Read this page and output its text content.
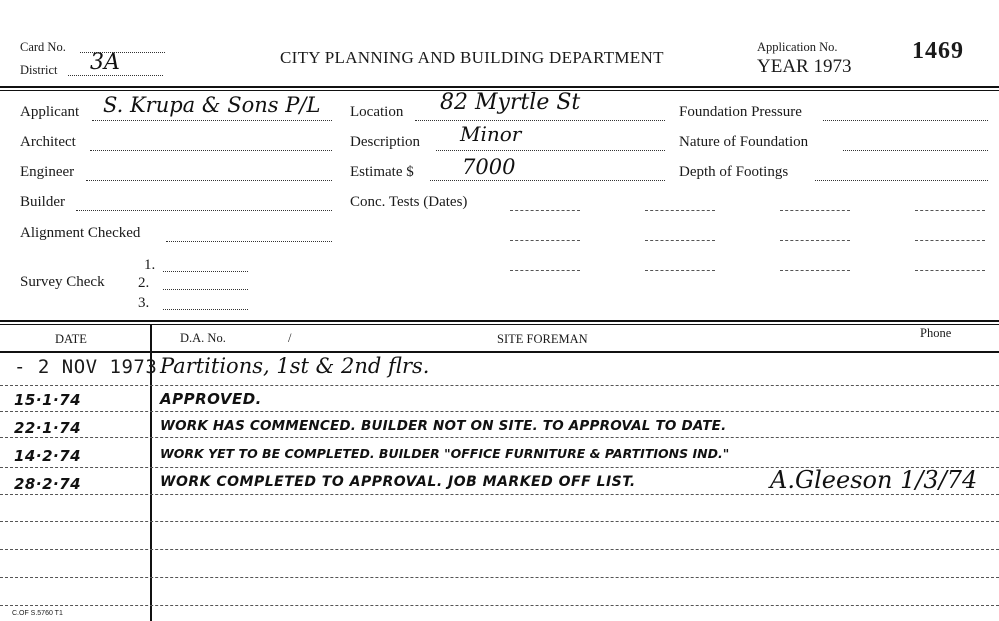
Card No.
District 3A	CITY PLANNING AND BUILDING DEPARTMENT
Application No.
YEAR 1973
1469
Applicant S. Krupa & Sons P/L
Architect
Engineer
Builder
Alignment Checked
Survey Check
1.
2.
3.
Location 82 Myrtle St
Description Minor
Estimate $ 7000
Conc. Tests (Dates)
Foundation Pressure
Nature of Foundation
Depth of Footings
DATE	D.A. No.	/	SITE FOREMAN	Phone
- 2 NOV 1973 Partitions, 1st & 2nd flrs.
15·1·74	APPROVED.
22·1·74	WORK HAS COMMENCED. BUILDER NOT ON SITE. TO APPROVAL TO DATE.
14·2·74	WORK YET TO BE COMPLETED. BUILDER "OFFICE FURNITURE & PARTITIONS IND."
28·2·74	WORK COMPLETED TO APPROVAL. JOB MARKED OFF LIST.	A.Gleeson 1/3/74
C.OF S.5760 T1
